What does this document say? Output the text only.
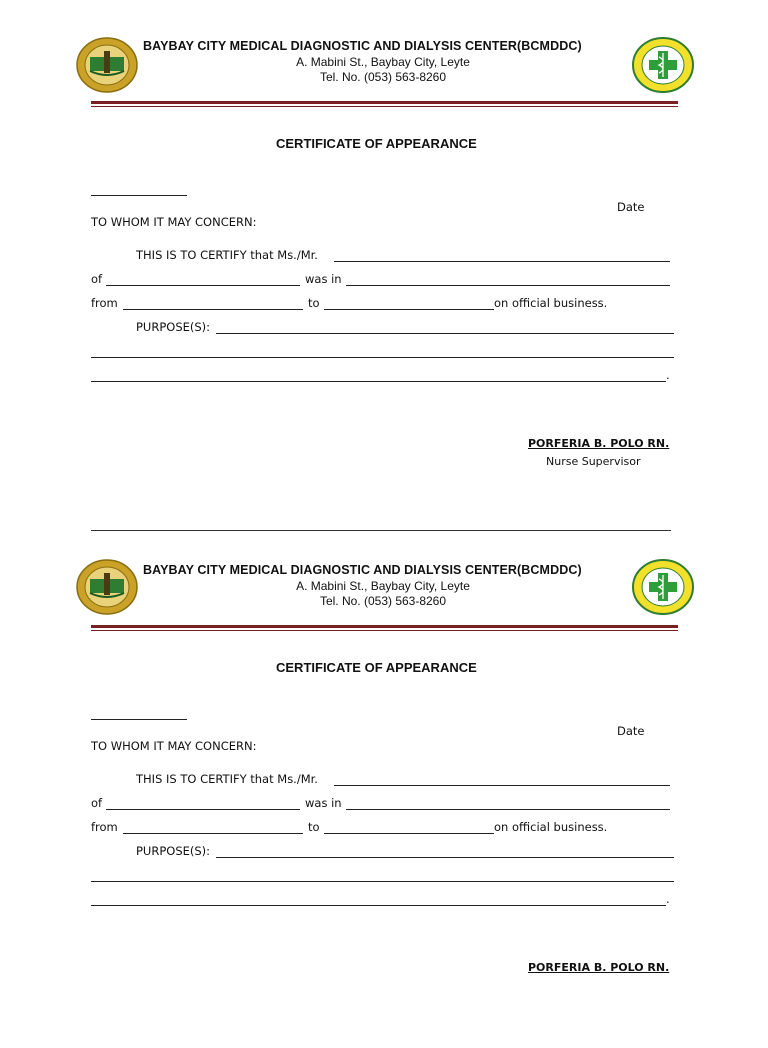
BAYBAY CITY MEDICAL DIAGNOSTIC AND DIALYSIS CENTER(BCMDDC)
A. Mabini St., Baybay City, Leyte
Tel. No. (053) 563-8260
CERTIFICATE OF APPEARANCE
Date
TO WHOM IT MAY CONCERN:
THIS IS TO CERTIFY that Ms./Mr.
of	was in
from	to	on official business.
PURPOSE(S):
.
PORFERIA B. POLO RN.
Nurse Supervisor
BAYBAY CITY MEDICAL DIAGNOSTIC AND DIALYSIS CENTER(BCMDDC)
A. Mabini St., Baybay City, Leyte
Tel. No. (053) 563-8260
CERTIFICATE OF APPEARANCE
Date
TO WHOM IT MAY CONCERN:
THIS IS TO CERTIFY that Ms./Mr.
of	was in
from	to	on official business.
PURPOSE(S):
.
PORFERIA B. POLO RN.
